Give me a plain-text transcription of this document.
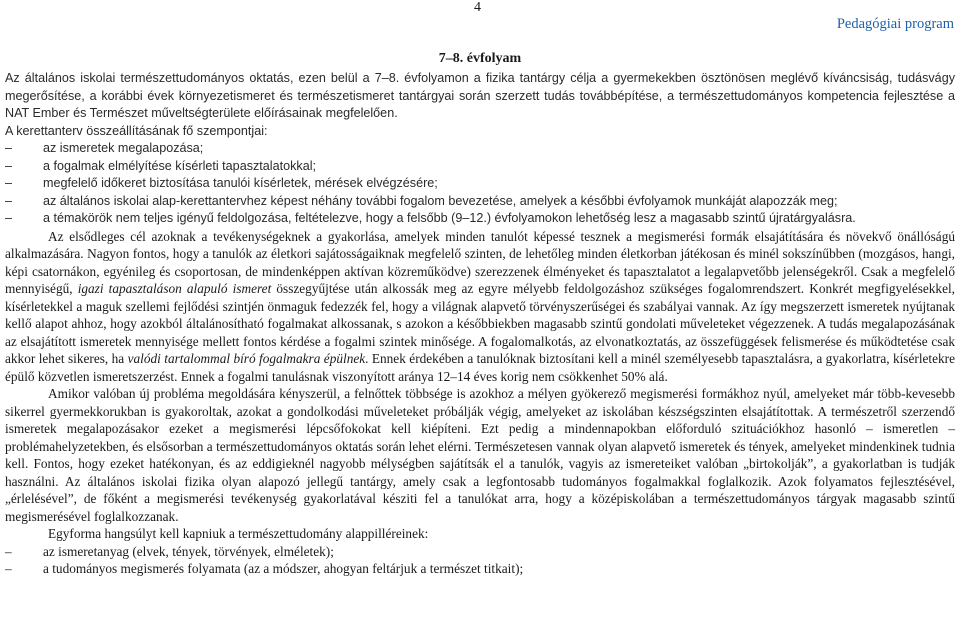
4
Pedagógiai program
7–8. évfolyam

Az általános iskolai természettudományos oktatás, ezen belül a 7–8. évfolyamon a fizika tantárgy célja a gyermekekben ösztönösen meglévő kíváncsiság, tudásvágy megerősítése, a korábbi évek környezetismeret és természetismeret tantárgyai során szerzett tudás továbbépítése, a természettudományos kompetencia fejlesztése a NAT Ember és Természet műveltségterülete előírásainak megfelelően.

A kerettanterv összeállításának fő szempontjai:

–	az ismeretek megalapozása;
–	a fogalmak elmélyítése kísérleti tapasztalatokkal;
–	megfelelő időkeret biztosítása tanulói kísérletek, mérések elvégzésére;
–	az általános iskolai alap-kerettantervhez képest néhány további fogalom bevezetése, amelyek a későbbi évfolyamok munkáját alapozzák meg;
–	a témakörök nem teljes igényű feldolgozása, feltételezve, hogy a felsőbb (9–12.) évfolyamokon lehetőség lesz a magasabb szintű újratárgyalásra.

Az elsődleges cél azoknak a tevékenységeknek a gyakorlása, amelyek minden tanulót képessé tesznek a megismerési formák elsajátítására és növekvő önállóságú alkalmazására. Nagyon fontos, hogy a tanulók az életkori sajátosságaiknak megfelelő szinten, de lehetőleg minden életkorban játékosan és minél sokszínűbben (mozgásos, hangi, képi csatornákon, egyénileg és csoportosan, de mindenképpen aktívan közreműködve) szerezzenek élményeket és tapasztalatot a legalapvetőbb jelenségekről. Csak a megfelelő mennyiségű, igazi tapasztaláson alapuló ismeret összegyűjtése után alkossák meg az egyre mélyebb feldolgozáshoz szükséges fogalomrendszert. Konkrét megfigyelésekkel, kísérletekkel a maguk szellemi fejlődési szintjén önmaguk fedezzék fel, hogy a világnak alapvető törvényszerűségei és szabályai vannak. Az így megszerzett ismeretek nyújtanak kellő alapot ahhoz, hogy azokból általánosítható fogalmakat alkossanak, s azokon a későbbiekben magasabb szintű gondolati műveleteket végezzenek. A tudás megalapozásának az elsajátított ismeretek mennyisége mellett fontos kérdése a fogalmi szintek minősége. A fogalomalkotás, az elvonatkoztatás, az összefüggések felismerése és működtetése csak akkor lehet sikeres, ha valódi tartalommal bíró fogalmakra épülnek. Ennek érdekében a tanulóknak biztosítani kell a minél személyesebb tapasztalásra, a gyakorlatra, kísérletekre épülő közvetlen ismeretszerzést. Ennek a fogalmi tanulásnak viszonyított aránya 12–14 éves korig nem csökkenhet 50% alá.

Amikor valóban új probléma megoldására kényszerül, a felnőttek többsége is azokhoz a mélyen gyökerező megismerési formákhoz nyúl, amelyeket már több-kevesebb sikerrel gyermekkorukban is gyakoroltak, azokat a gondolkodási műveleteket próbálják végig, amelyeket az iskolában készségszinten elsajátítottak. A természetről szerzendő ismeretek megalapozásakor ezeket a megismerési lépcsőfokokat kell kiépíteni. Ezt pedig a mindennapokban előforduló szituációkhoz hasonló – ismeretlen – problémahelyzetekben, és elsősorban a természettudományos oktatás során lehet elérni. Természetesen vannak olyan alapvető ismeretek és tények, amelyeket mindenkinek tudnia kell. Fontos, hogy ezeket hatékonyan, és az eddigieknél nagyobb mélységben sajátítsák el a tanulók, vagyis az ismereteiket valóban „birtokolják”, a gyakorlatban is tudják használni. Az általános iskolai fizika olyan alapozó jellegű tantárgy, amely csak a legfontosabb tudományos fogalmakkal foglalkozik. Azok folyamatos fejlesztésével, „érlelésével”, de főként a megismerési tevékenység gyakorlatával késziti fel a tanulókat arra, hogy a középiskolában a természettudományos tárgyak magasabb szintű megismerésével foglalkozzanak.

Egyforma hangsúlyt kell kapniuk a természettudomány alappilléreinek:

–	az ismeretanyag (elvek, tények, törvények, elméletek);
–	a tudományos megismerés folyamata (az a módszer, ahogyan feltárjuk a természet titkait);
